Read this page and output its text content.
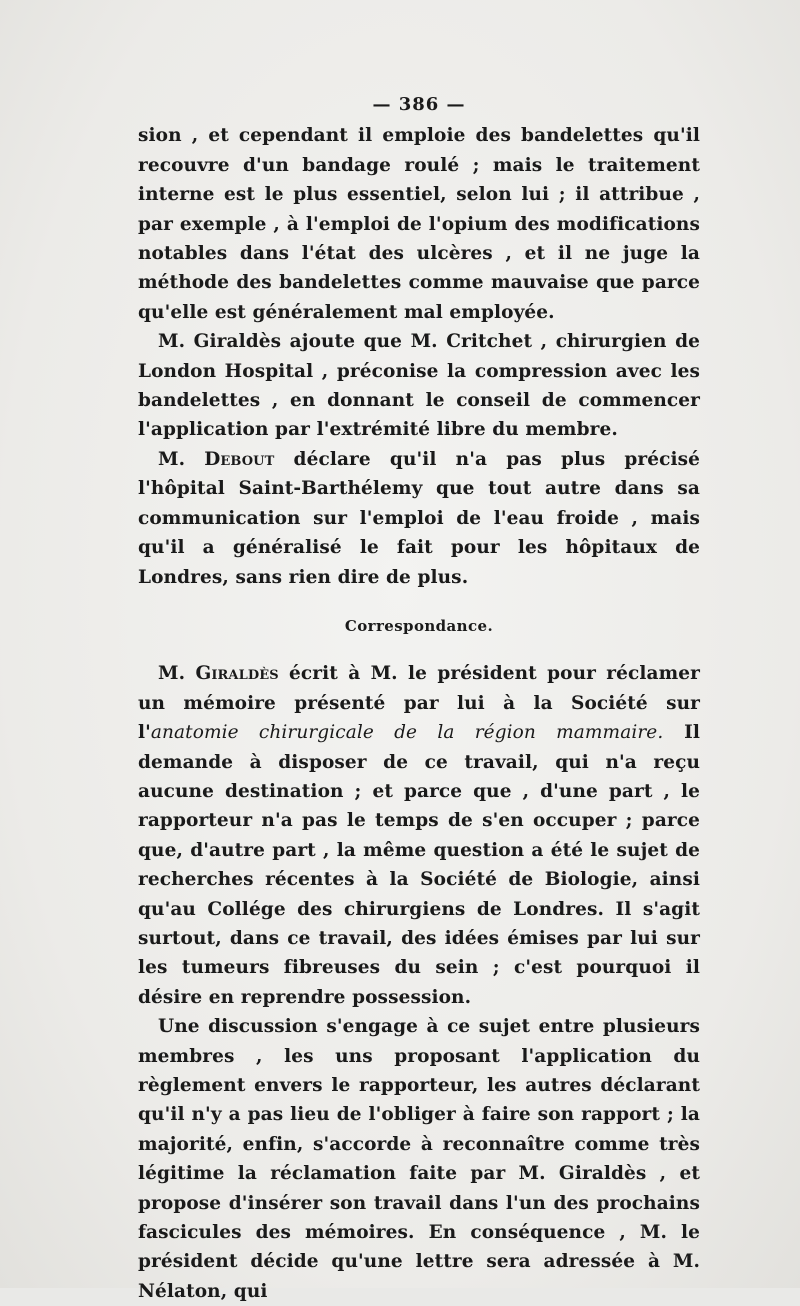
— 386 —

sion , et cependant il emploie des bandelettes qu'il recouvre d'un bandage roulé ; mais le traitement interne est le plus essentiel, selon lui ; il attribue , par exemple , à l'emploi de l'opium des modifications notables dans l'état des ulcères , et il ne juge la méthode des bandelettes comme mauvaise que parce qu'elle est généralement mal employée.

M. Giraldès ajoute que M. Critchet , chirurgien de London Hospital , préconise la compression avec les bandelettes , en donnant le conseil de commencer l'application par l'extrémité libre du membre.

M. Debout déclare qu'il n'a pas plus précisé l'hôpital Saint-Barthélemy que tout autre dans sa communication sur l'emploi de l'eau froide , mais qu'il a généralisé le fait pour les hôpitaux de Londres, sans rien dire de plus.

Correspondance.

M. Giraldès écrit à M. le président pour réclamer un mémoire présenté par lui à la Société sur l'anatomie chirurgicale de la région mammaire. Il demande à disposer de ce travail, qui n'a reçu aucune destination ; et parce que , d'une part , le rapporteur n'a pas le temps de s'en occuper ; parce que, d'autre part , la même question a été le sujet de recherches récentes à la Société de Biologie, ainsi qu'au Collége des chirurgiens de Londres. Il s'agit surtout, dans ce travail, des idées émises par lui sur les tumeurs fibreuses du sein ; c'est pourquoi il désire en reprendre possession.

Une discussion s'engage à ce sujet entre plusieurs membres , les uns proposant l'application du règlement envers le rapporteur, les autres déclarant qu'il n'y a pas lieu de l'obliger à faire son rapport ; la majorité, enfin, s'accorde à reconnaître comme très légitime la réclamation faite par M. Giraldès , et propose d'insérer son travail dans l'un des prochains fascicules des mémoires. En conséquence , M. le président décide qu'une lettre sera adressée à M. Nélaton, qui
